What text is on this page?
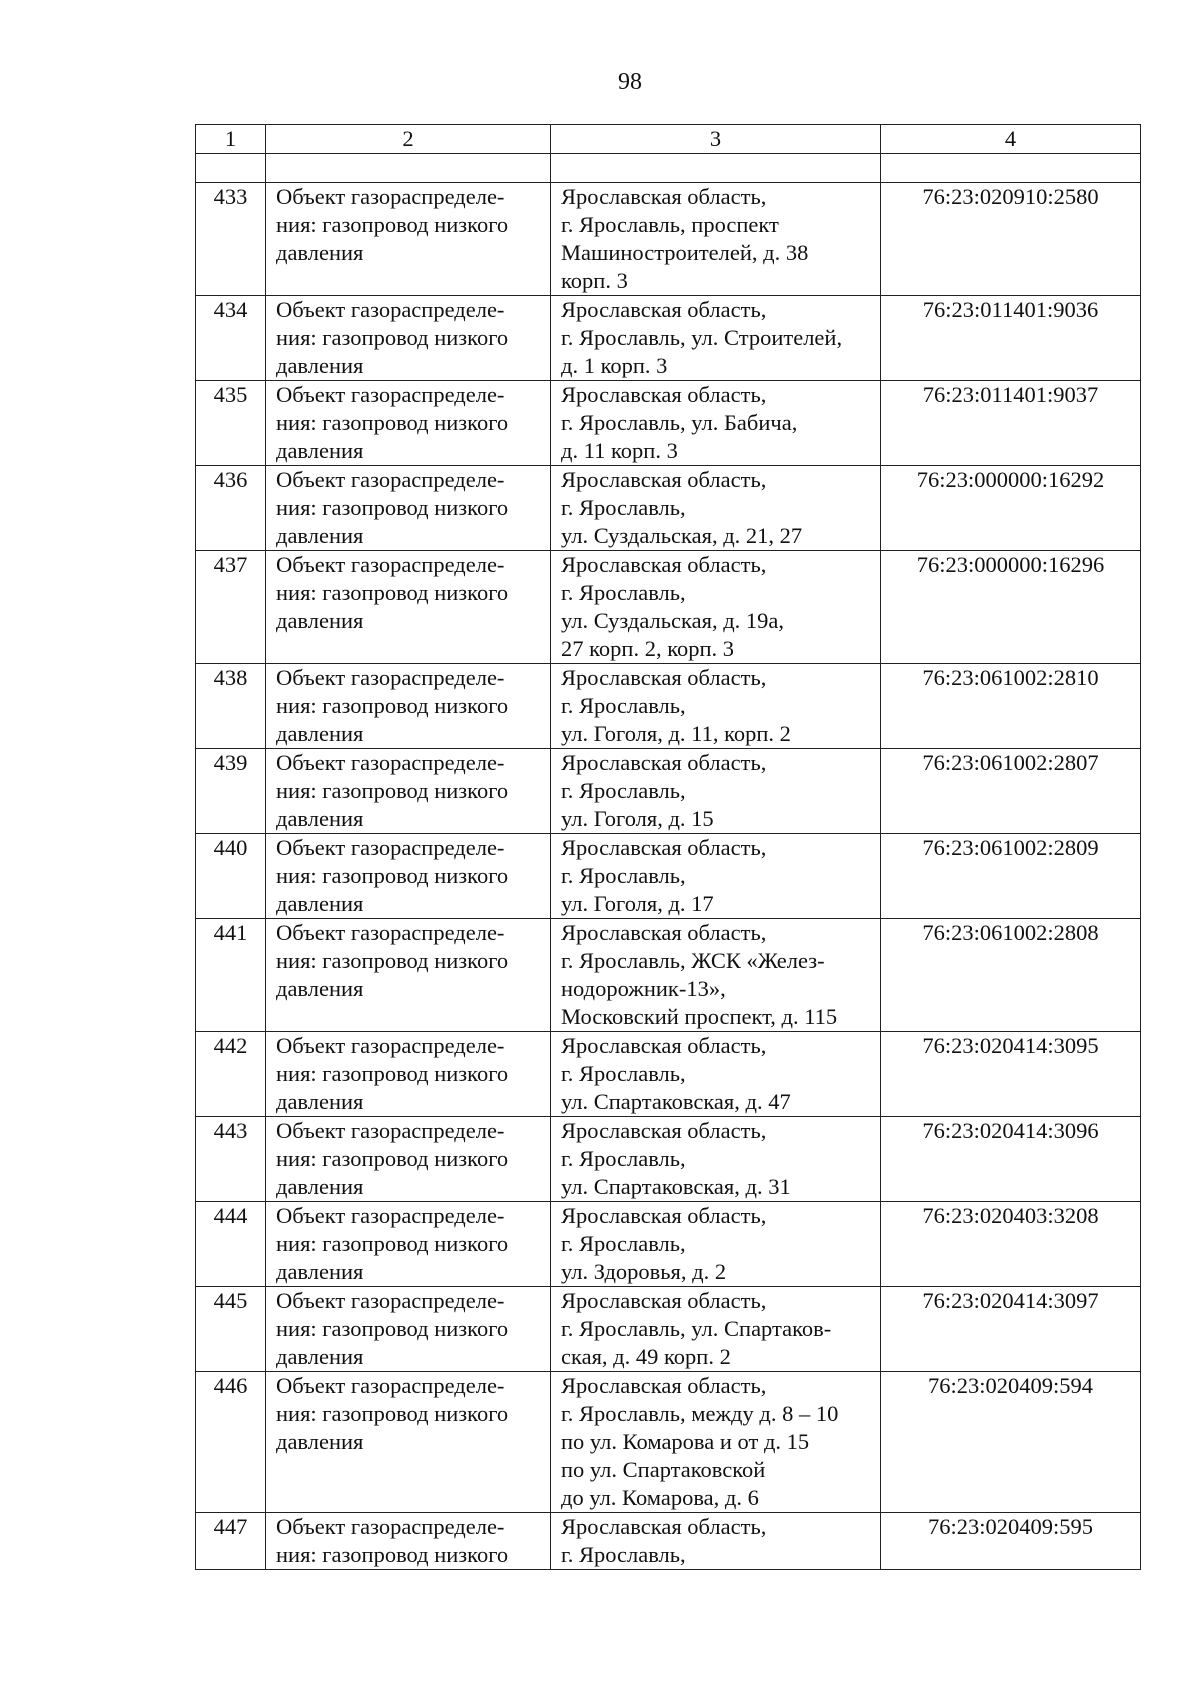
98
1	2	3	4

433	Объект газораспределе-
ния: газопровод низкого
давления	Ярославская область,
г. Ярославль, проспект
Машиностроителей, д. 38
корп. 3	76:23:020910:2580
434	Объект газораспределе-
ния: газопровод низкого
давления	Ярославская область,
г. Ярославль, ул. Строителей,
д. 1 корп. 3	76:23:011401:9036
435	Объект газораспределе-
ния: газопровод низкого
давления	Ярославская область,
г. Ярославль, ул. Бабича,
д. 11 корп. 3	76:23:011401:9037
436	Объект газораспределе-
ния: газопровод низкого
давления	Ярославская область,
г. Ярославль,
ул. Суздальская, д. 21, 27	76:23:000000:16292
437	Объект газораспределе-
ния: газопровод низкого
давления	Ярославская область,
г. Ярославль,
ул. Суздальская, д. 19а,
27 корп. 2, корп. 3	76:23:000000:16296
438	Объект газораспределе-
ния: газопровод низкого
давления	Ярославская область,
г. Ярославль,
ул. Гоголя, д. 11, корп. 2	76:23:061002:2810
439	Объект газораспределе-
ния: газопровод низкого
давления	Ярославская область,
г. Ярославль,
ул. Гоголя, д. 15	76:23:061002:2807
440	Объект газораспределе-
ния: газопровод низкого
давления	Ярославская область,
г. Ярославль,
ул. Гоголя, д. 17	76:23:061002:2809
441	Объект газораспределе-
ния: газопровод низкого
давления	Ярославская область,
г. Ярославль, ЖСК «Желез-
нодорожник-13»,
Московский проспект, д. 115	76:23:061002:2808
442	Объект газораспределе-
ния: газопровод низкого
давления	Ярославская область,
г. Ярославль,
ул. Спартаковская, д. 47	76:23:020414:3095
443	Объект газораспределе-
ния: газопровод низкого
давления	Ярославская область,
г. Ярославль,
ул. Спартаковская, д. 31	76:23:020414:3096
444	Объект газораспределе-
ния: газопровод низкого
давления	Ярославская область,
г. Ярославль,
ул. Здоровья, д. 2	76:23:020403:3208
445	Объект газораспределе-
ния: газопровод низкого
давления	Ярославская область,
г. Ярославль, ул. Спартаков-
ская, д. 49 корп. 2	76:23:020414:3097
446	Объект газораспределе-
ния: газопровод низкого
давления	Ярославская область,
г. Ярославль, между д. 8 – 10
по ул. Комарова и от д. 15
по ул. Спартаковской
до ул. Комарова, д. 6	76:23:020409:594
447	Объект газораспределе-
ния: газопровод низкого	Ярославская область,
г. Ярославль,	76:23:020409:595
